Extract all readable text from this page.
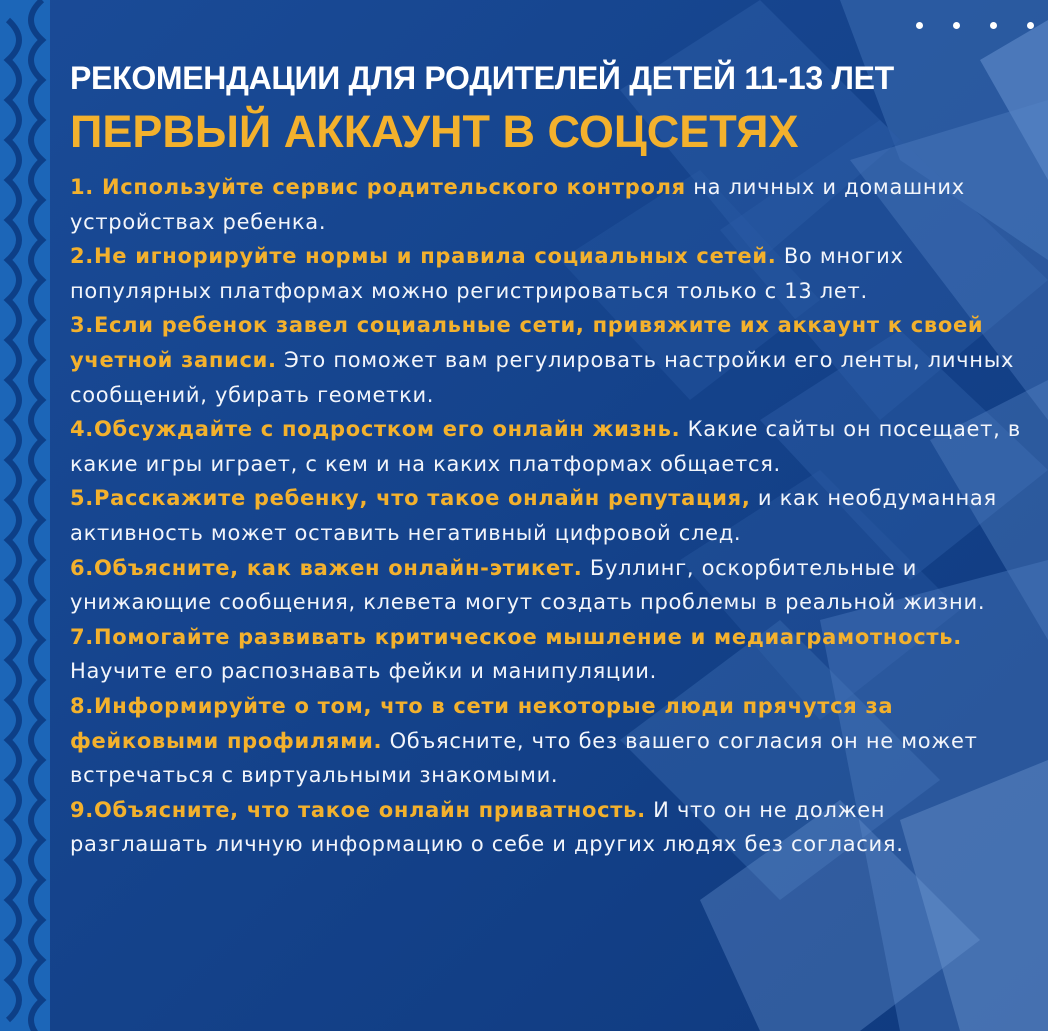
РЕКОМЕНДАЦИИ ДЛЯ РОДИТЕЛЕЙ ДЕТЕЙ 11-13 ЛЕТ
ПЕРВЫЙ АККАУНТ В СОЦСЕТЯХ
1. Используйте сервис родительского контроля на личных и домашних устройствах ребенка.
2.Не игнорируйте нормы и правила социальных сетей. Во многих популярных платформах можно регистрироваться только с 13 лет.
3.Если ребенок завел социальные сети, привяжите их аккаунт к своей учетной записи. Это поможет вам регулировать настройки его ленты, личных сообщений, убирать геометки.
4.Обсуждайте с подростком его онлайн жизнь. Какие сайты он посещает, в какие игры играет, с кем и на каких платформах общается.
5.Расскажите ребенку, что такое онлайн репутация, и как необдуманная активность может оставить негативный цифровой след.
6.Объясните, как важен онлайн-этикет. Буллинг, оскорбительные и унижающие сообщения, клевета могут создать проблемы в реальной жизни.
7.Помогайте развивать критическое мышление и медиаграмотность. Научите его распознавать фейки и манипуляции.
8.Информируйте о том, что в сети некоторые люди прячутся за фейковыми профилями. Объясните, что без вашего согласия он не может встречаться с виртуальными знакомыми.
9.Объясните, что такое онлайн приватность. И что он не должен разглашать личную информацию о себе и других людях без согласия.
